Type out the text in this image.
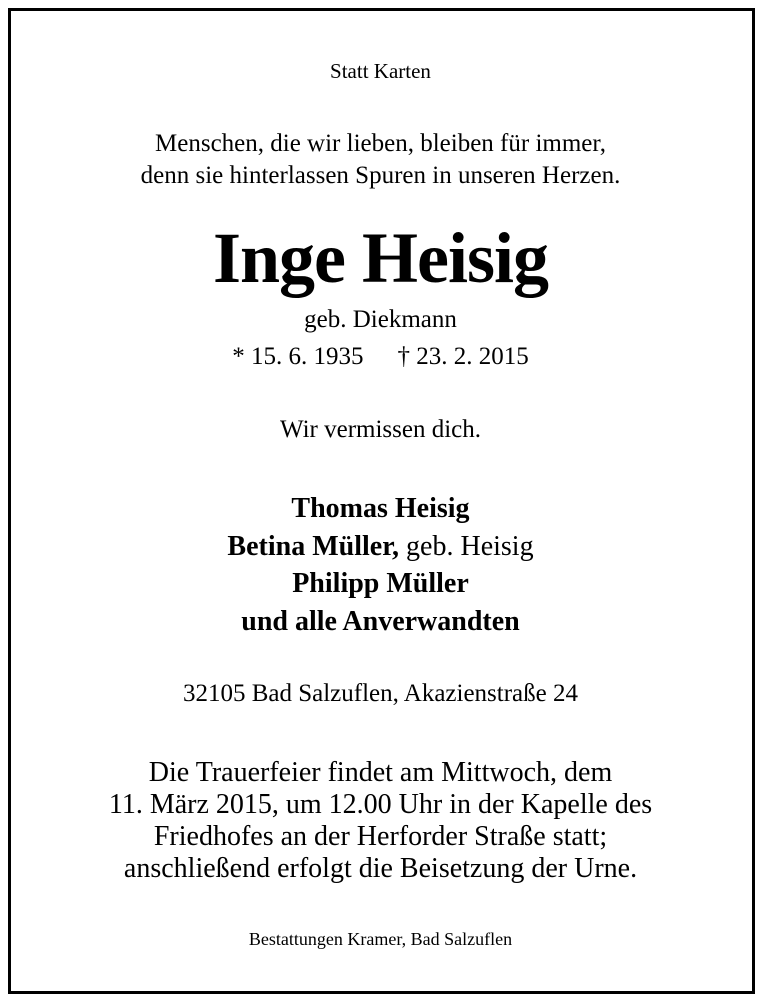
Statt Karten
Menschen, die wir lieben, bleiben für immer,
denn sie hinterlassen Spuren in unseren Herzen.
Inge Heisig
geb. Diekmann
* 15. 6. 1935 † 23. 2. 2015
Wir vermissen dich.
Thomas Heisig
Betina Müller, geb. Heisig
Philipp Müller
und alle Anverwandten
32105 Bad Salzuflen, Akazienstraße 24
Die Trauerfeier findet am Mittwoch, dem
11. März 2015, um 12.00 Uhr in der Kapelle des
Friedhofes an der Herforder Straße statt;
anschließend erfolgt die Beisetzung der Urne.
Bestattungen Kramer, Bad Salzuflen
